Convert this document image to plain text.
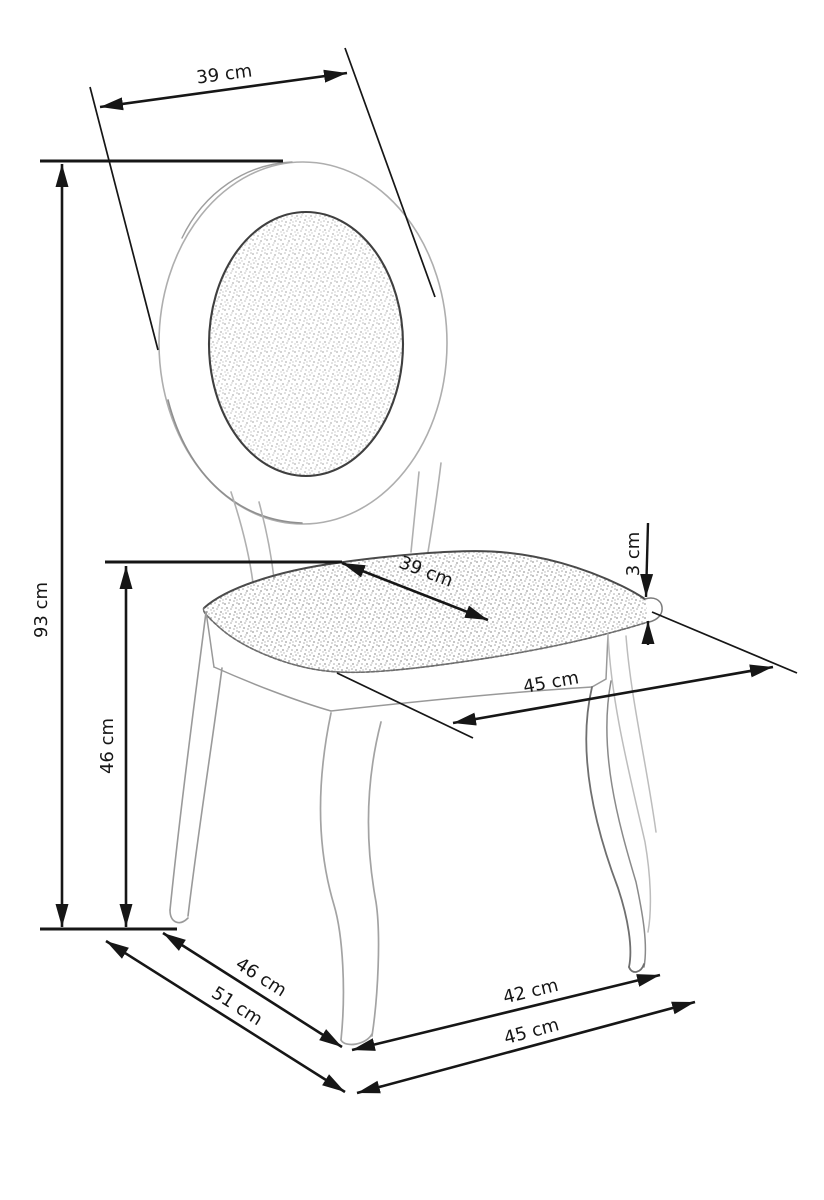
39 cm
93 cm
46 cm
3 cm
39 cm
45 cm
42 cm
45 cm
46 cm
51 cm
